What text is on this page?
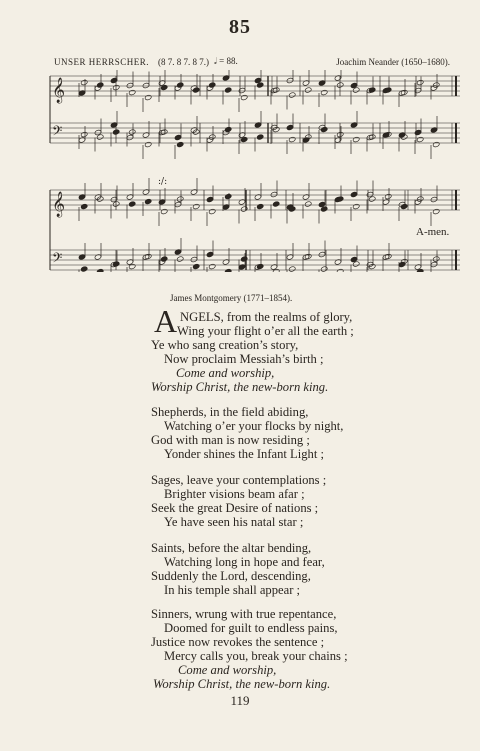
85
UNSER HERRSCHER. (8 7. 8 7. 8 7.) 𝅗𝅥 = 88.	Joachim Neander (1650–1680).
𝄞
𝄢
𝄞
𝄢
:/:
A-men.
James Montgomery (1771–1854).
A NGELS, from the realms of glory,
Wing your flight o’er all the earth ;
Ye who sang creation’s story,
Now proclaim Messiah’s birth ;
Come and worship,
Worship Christ, the new-born king.
Shepherds, in the field abiding,
Watching o’er your flocks by night,
God with man is now residing ;
Yonder shines the Infant Light ;
Sages, leave your contemplations ;
Brighter visions beam afar ;
Seek the great Desire of nations ;
Ye have seen his natal star ;
Saints, before the altar bending,
Watching long in hope and fear,
Suddenly the Lord, descending,
In his temple shall appear ;
Sinners, wrung with true repentance,
Doomed for guilt to endless pains,
Justice now revokes the sentence ;
Mercy calls you, break your chains ;
Come and worship,
Worship Christ, the new-born king.
119
